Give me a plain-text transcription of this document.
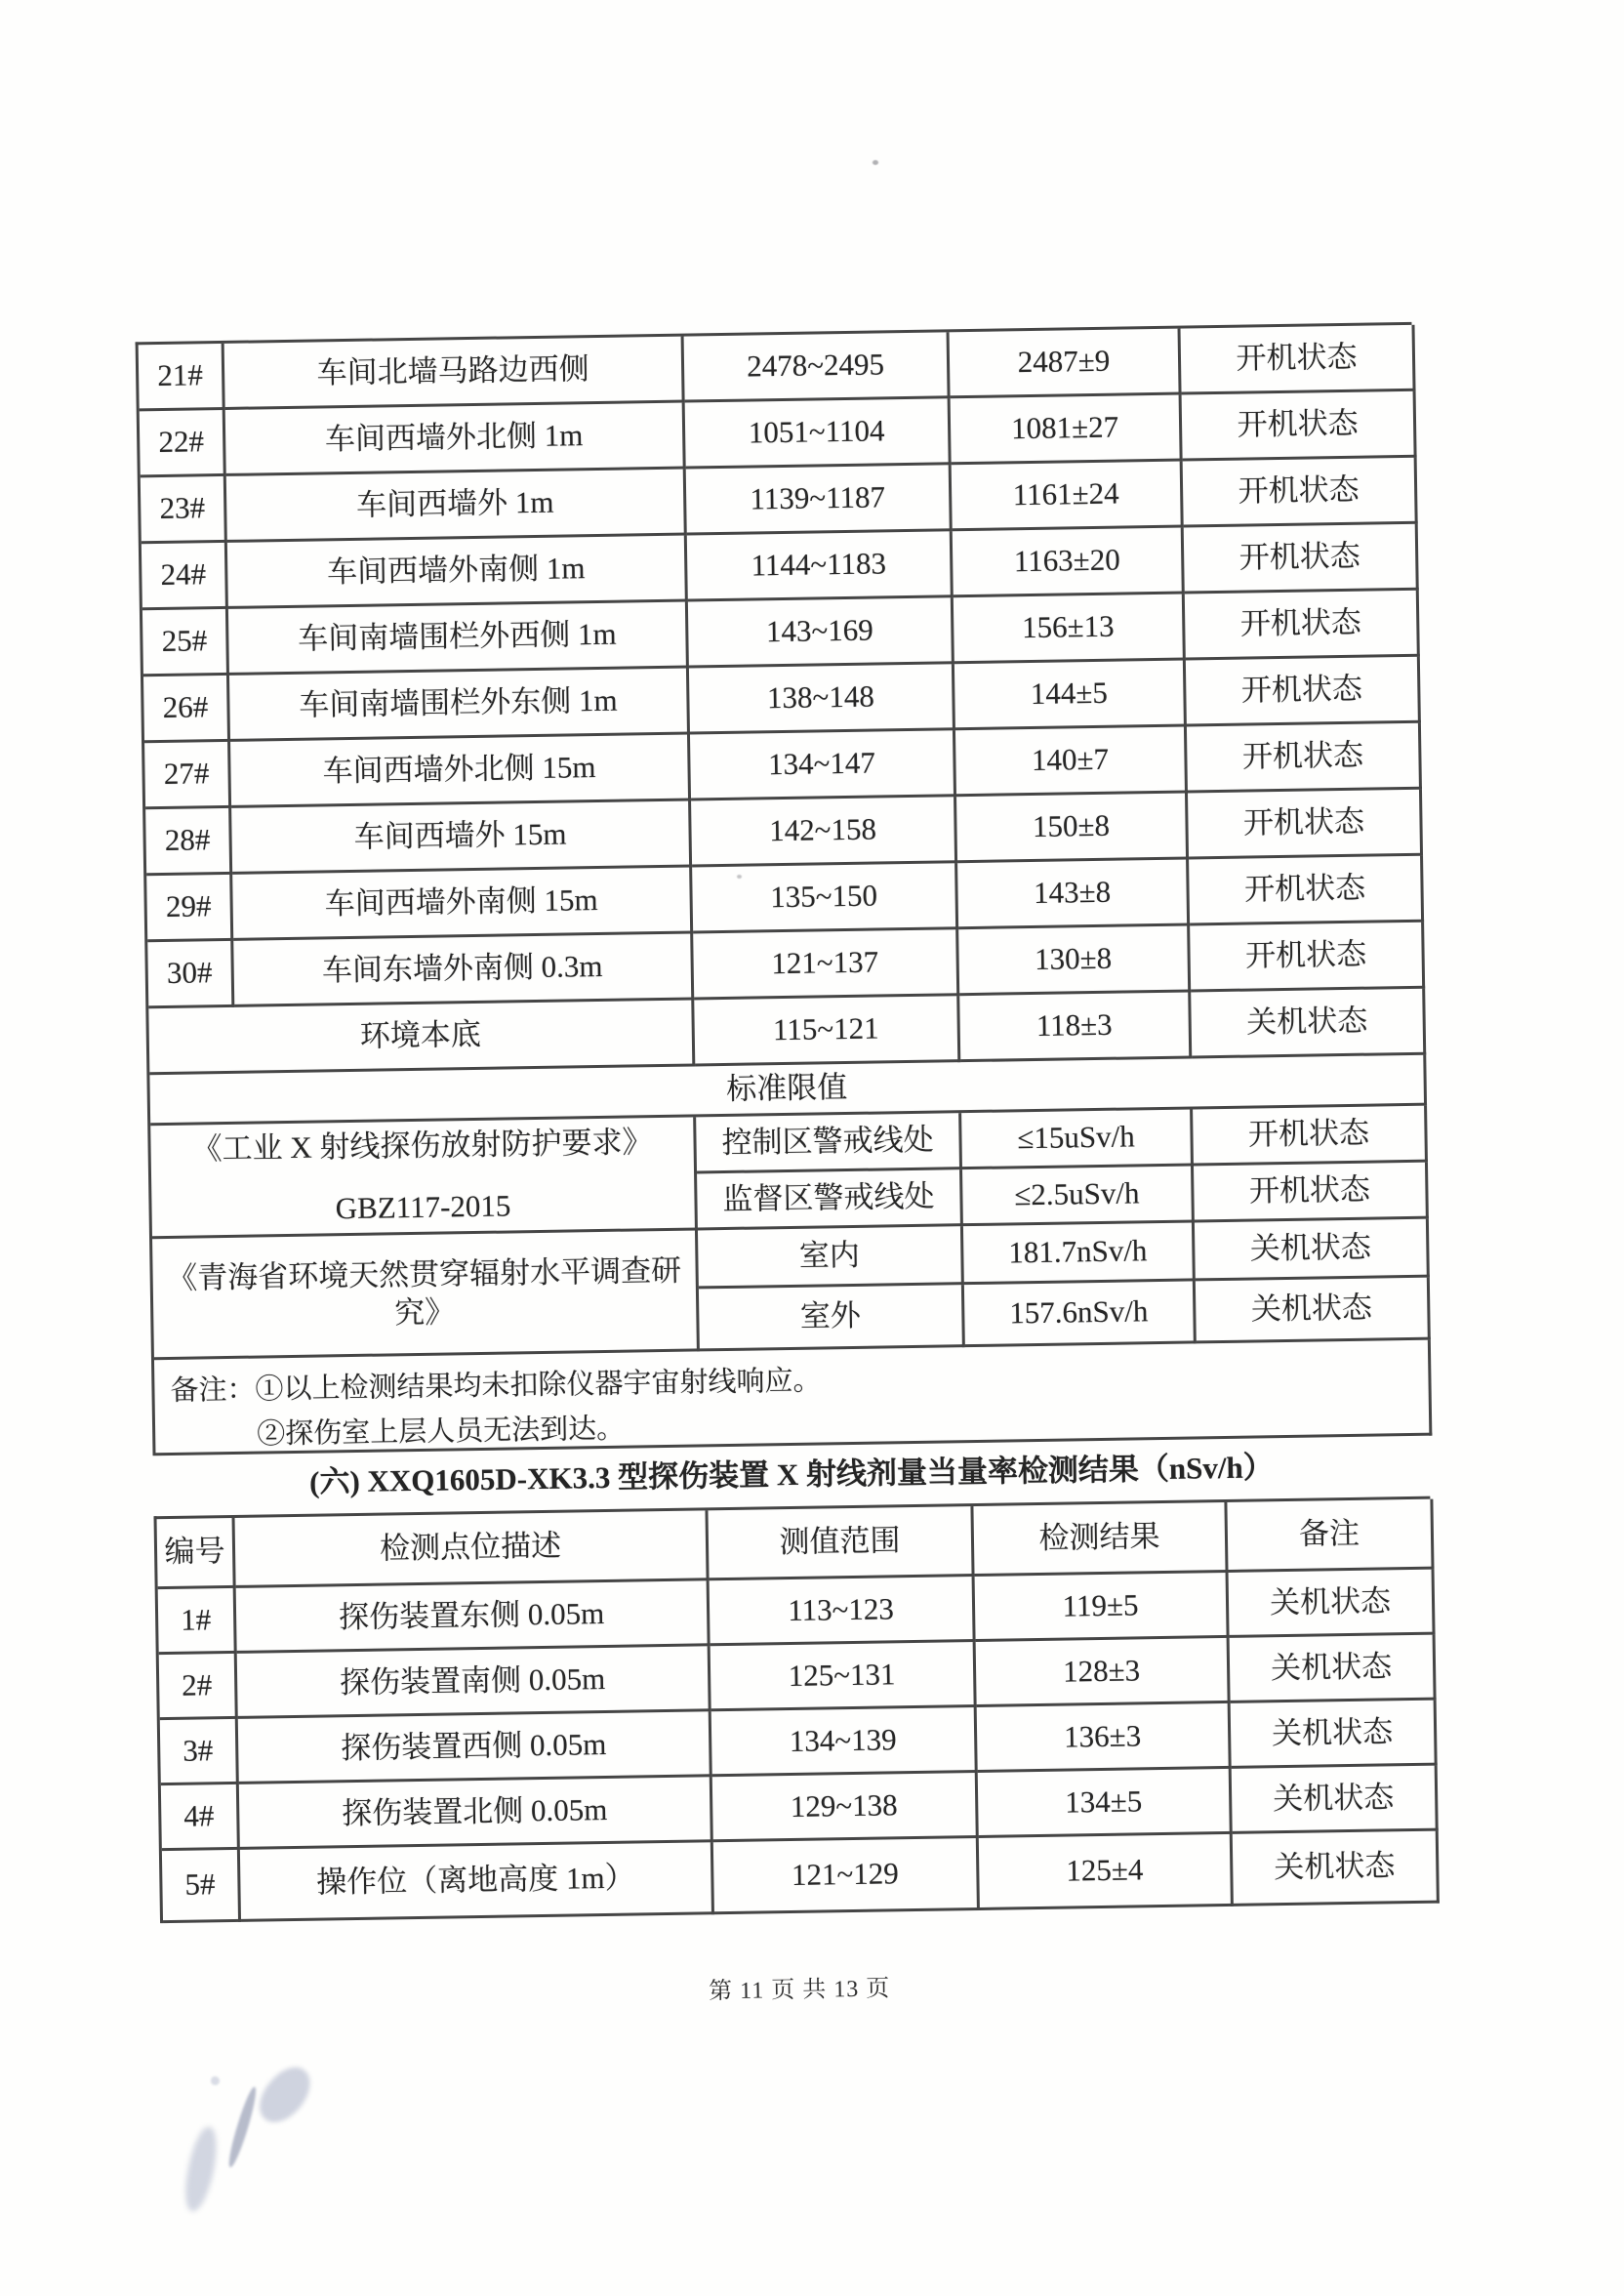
21#	车间北墙马路边西侧	2478~2495	2487±9	开机状态
22#	车间西墙外北侧 1m	1051~1104	1081±27	开机状态
23#	车间西墙外 1m	1139~1187	1161±24	开机状态
24#	车间西墙外南侧 1m	1144~1183	1163±20	开机状态
25#	车间南墙围栏外西侧 1m	143~169	156±13	开机状态
26#	车间南墙围栏外东侧 1m	138~148	144±5	开机状态
27#	车间西墙外北侧 15m	134~147	140±7	开机状态
28#	车间西墙外 15m	142~158	150±8	开机状态
29#	车间西墙外南侧 15m	135~150	143±8	开机状态
30#	车间东墙外南侧 0.3m	121~137	130±8	开机状态
环境本底	115~121	118±3	关机状态
标准限值
《工业 X 射线探伤放射防护要求》
GBZ117-2015
控制区警戒线处	≤15uSv/h	开机状态
监督区警戒线处	≤2.5uSv/h	开机状态
《青海省环境天然贯穿辐射水平调查研究》
室内	181.7nSv/h	关机状态
室外	157.6nSv/h	关机状态
备注：①以上检测结果均未扣除仪器宇宙射线响应。
②探伤室上层人员无法到达。
(六) XXQ1605D-XK3.3 型探伤装置 X 射线剂量当量率检测结果（nSv/h）
编号	检测点位描述	测值范围	检测结果	备注
1#	探伤装置东侧 0.05m	113~123	119±5	关机状态
2#	探伤装置南侧 0.05m	125~131	128±3	关机状态
3#	探伤装置西侧 0.05m	134~139	136±3	关机状态
4#	探伤装置北侧 0.05m	129~138	134±5	关机状态
5#	操作位（离地高度 1m）	121~129	125±4	关机状态
第 11 页 共 13 页
